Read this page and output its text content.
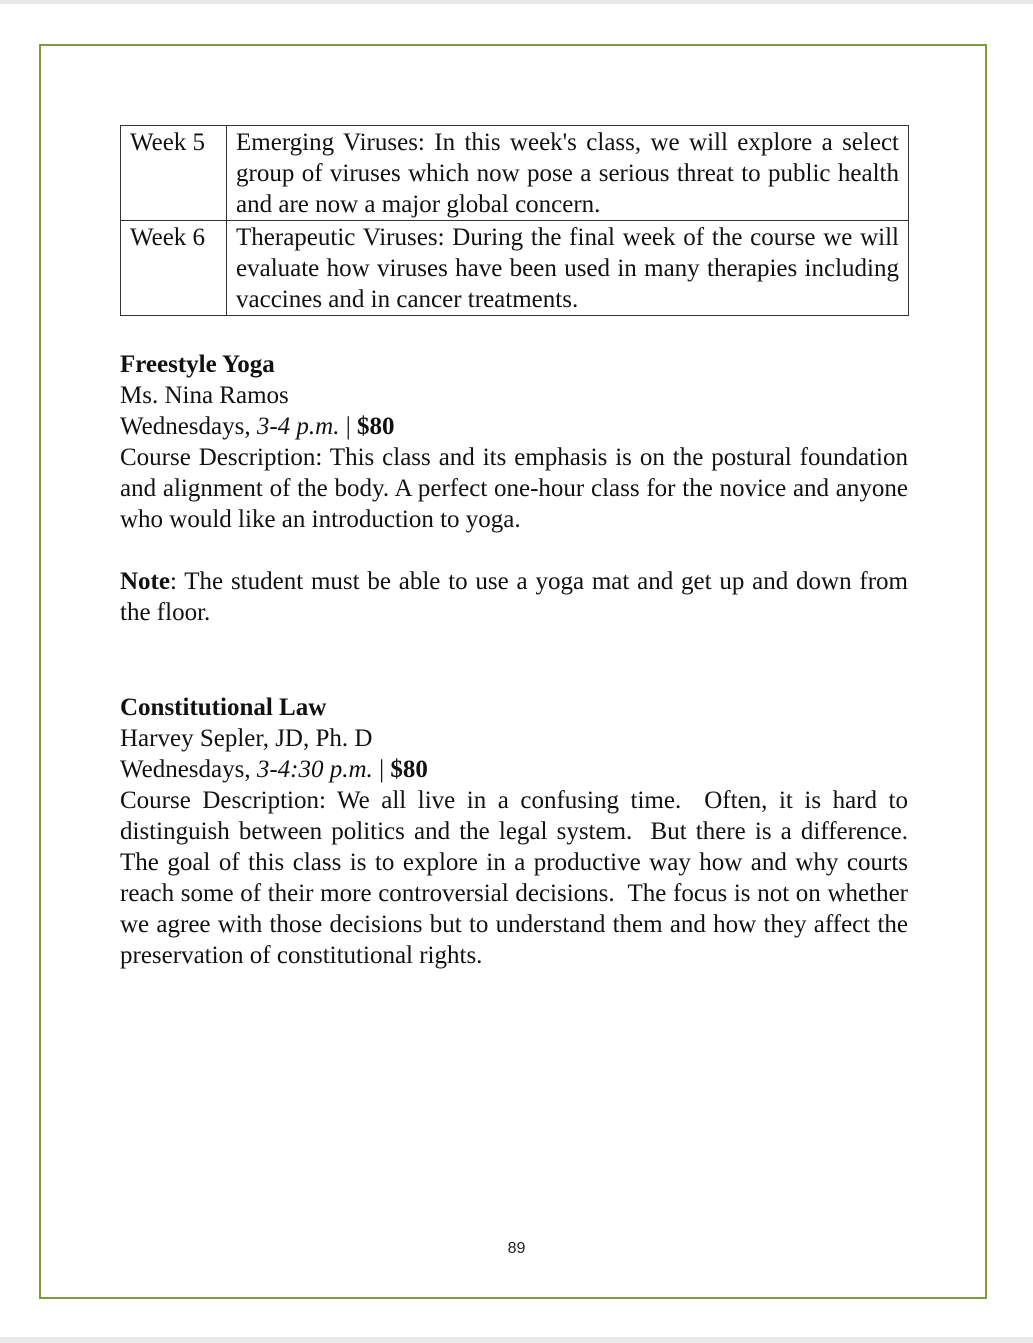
Week 5	Emerging Viruses: In this week's class, we will explore a select group of viruses which now pose a serious threat to public health and are now a major global concern.
Week 6	Therapeutic Viruses: During the final week of the course we will evaluate how viruses have been used in many therapies including vaccines and in cancer treatments.
Freestyle Yoga
Ms. Nina Ramos
Wednesdays, 3-4 p.m. | $80
Course Description: This class and its emphasis is on the postural foundation and alignment of the body. A perfect one-hour class for the novice and anyone who would like an introduction to yoga.
Note: The student must be able to use a yoga mat and get up and down from the floor.
Constitutional Law
Harvey Sepler, JD, Ph. D
Wednesdays, 3-4:30 p.m. | $80
Course Description: We all live in a confusing time.  Often, it is hard to distinguish between politics and the legal system.  But there is a difference.  The goal of this class is to explore in a productive way how and why courts reach some of their more controversial decisions.  The focus is not on whether we agree with those decisions but to understand them and how they affect the preservation of constitutional rights.
89
